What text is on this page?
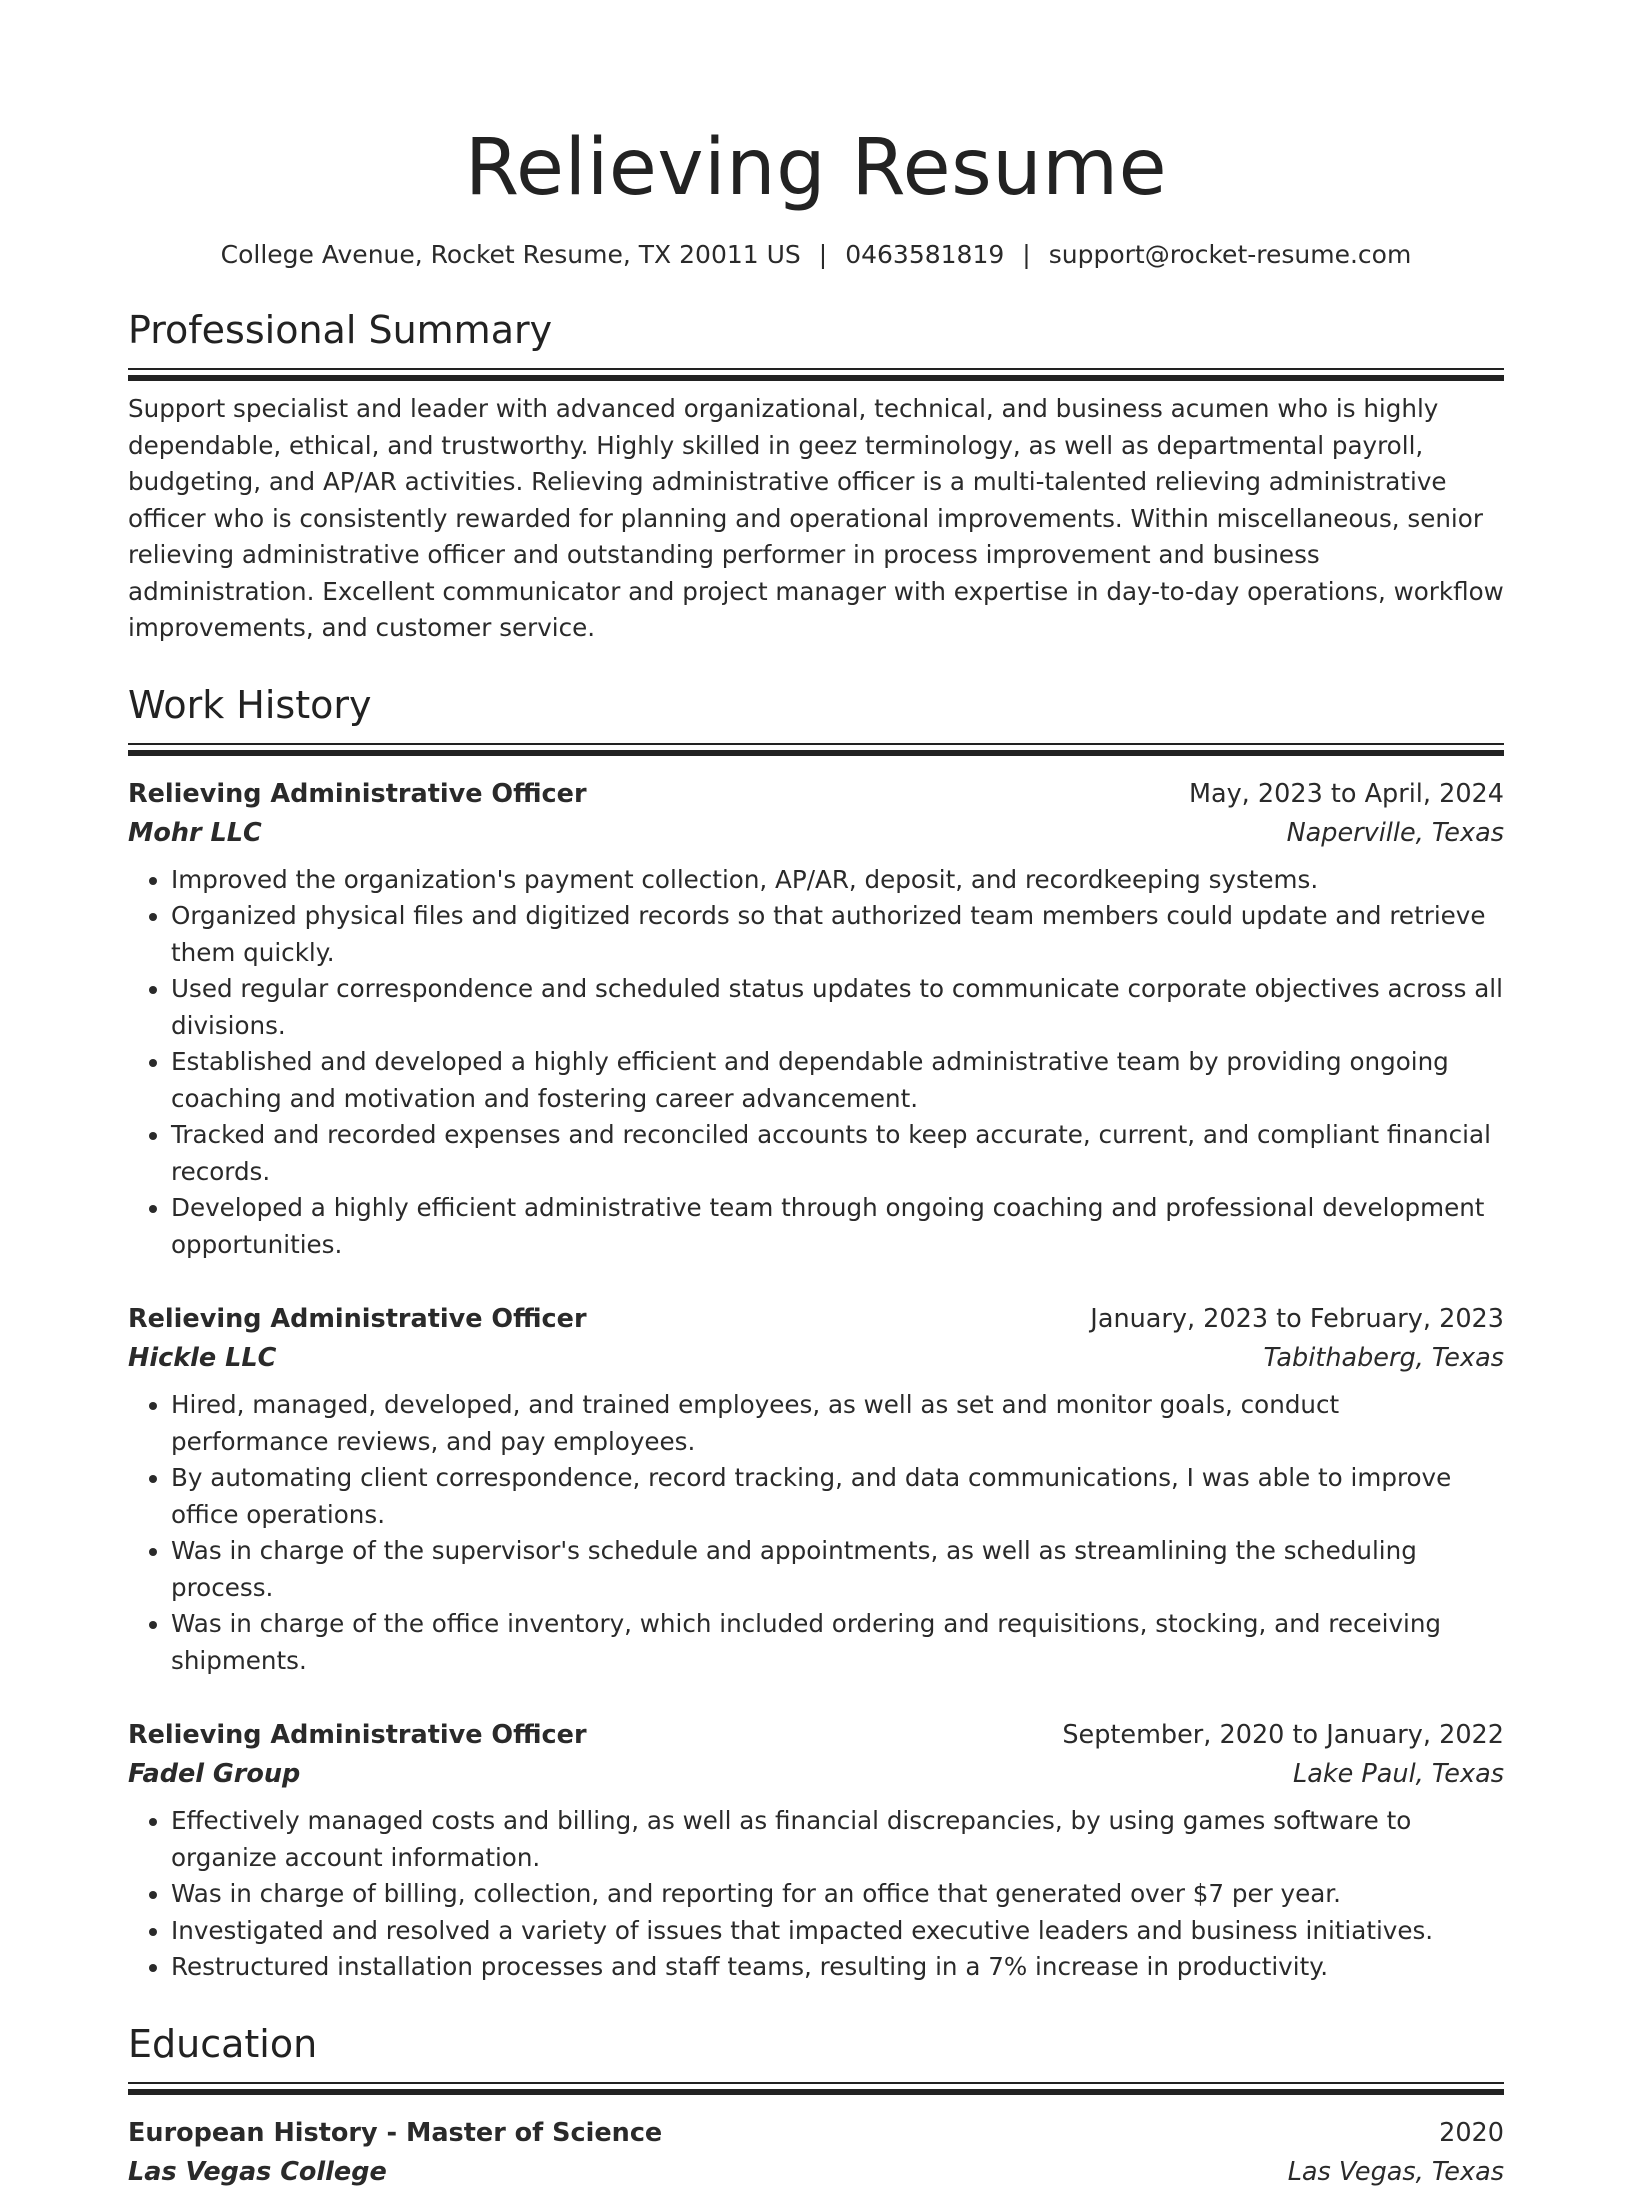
Relieving Resume
College Avenue, Rocket Resume, TX 20011 US | 0463581819 | support@rocket-resume.com
Professional Summary
Support specialist and leader with advanced organizational, technical, and business acumen who is highly dependable, ethical, and trustworthy. Highly skilled in geez terminology, as well as departmental payroll, budgeting, and AP/AR activities. Relieving administrative officer is a multi-talented relieving administrative officer who is consistently rewarded for planning and operational improvements. Within miscellaneous, senior relieving administrative officer and outstanding performer in process improvement and business administration. Excellent communicator and project manager with expertise in day-to-day operations, workflow improvements, and customer service.
Work History
Relieving Administrative Officer	May, 2023 to April, 2024
Mohr LLC	Naperville, Texas
• Improved the organization's payment collection, AP/AR, deposit, and recordkeeping systems.
• Organized physical files and digitized records so that authorized team members could update and retrieve them quickly.
• Used regular correspondence and scheduled status updates to communicate corporate objectives across all divisions.
• Established and developed a highly efficient and dependable administrative team by providing ongoing coaching and motivation and fostering career advancement.
• Tracked and recorded expenses and reconciled accounts to keep accurate, current, and compliant financial records.
• Developed a highly efficient administrative team through ongoing coaching and professional development opportunities.
Relieving Administrative Officer	January, 2023 to February, 2023
Hickle LLC	Tabithaberg, Texas
• Hired, managed, developed, and trained employees, as well as set and monitor goals, conduct performance reviews, and pay employees.
• By automating client correspondence, record tracking, and data communications, I was able to improve office operations.
• Was in charge of the supervisor's schedule and appointments, as well as streamlining the scheduling process.
• Was in charge of the office inventory, which included ordering and requisitions, stocking, and receiving shipments.
Relieving Administrative Officer	September, 2020 to January, 2022
Fadel Group	Lake Paul, Texas
• Effectively managed costs and billing, as well as financial discrepancies, by using games software to organize account information.
• Was in charge of billing, collection, and reporting for an office that generated over $7 per year.
• Investigated and resolved a variety of issues that impacted executive leaders and business initiatives.
• Restructured installation processes and staff teams, resulting in a 7% increase in productivity.
Education
European History - Master of Science	2020
Las Vegas College	Las Vegas, Texas
